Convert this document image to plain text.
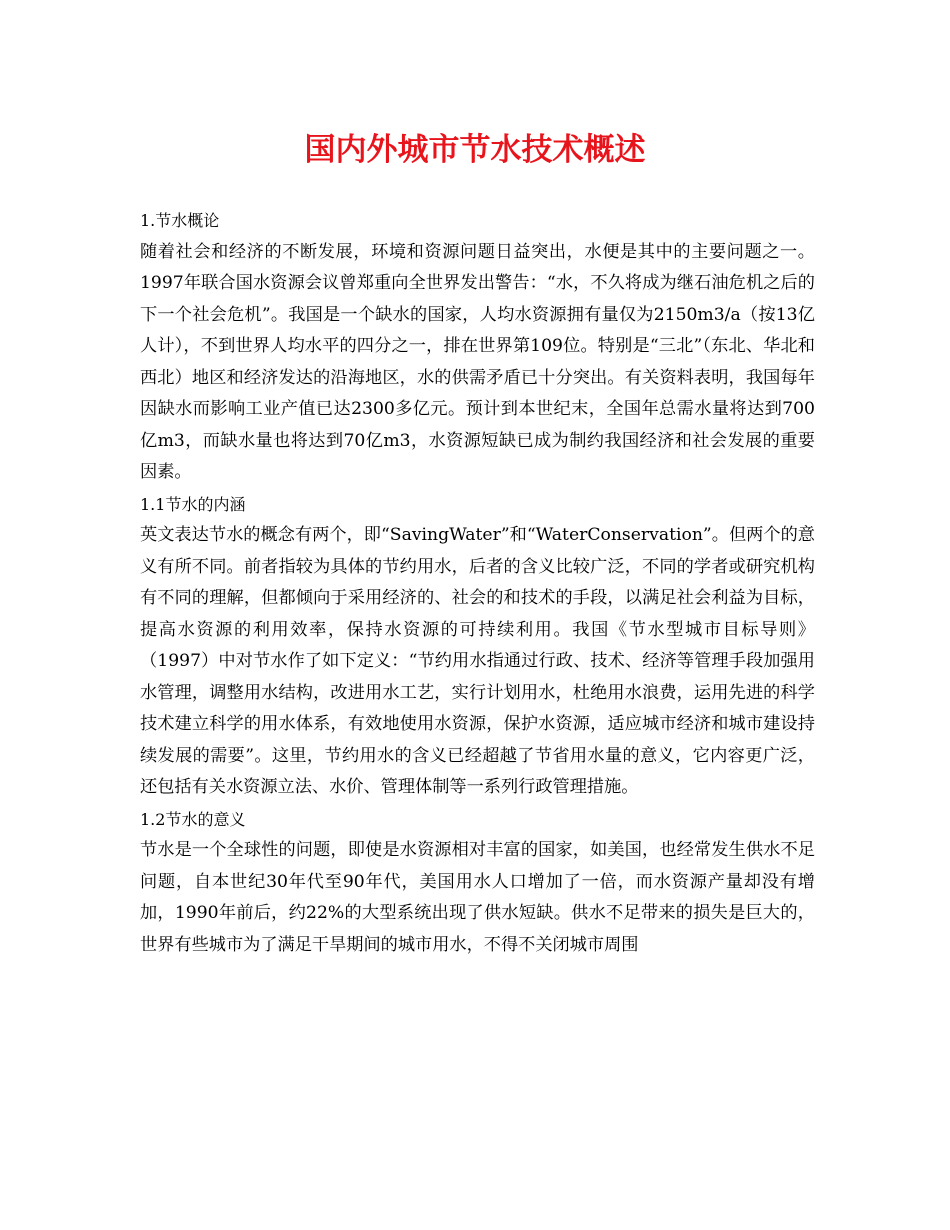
国内外城市节水技术概述

1.节水概论

随着社会和经济的不断发展，环境和资源问题日益突出，水便是其中的主要问题之一。1997年联合国水资源会议曾郑重向全世界发出警告：“水，不久将成为继石油危机之后的下一个社会危机”。我国是一个缺水的国家，人均水资源拥有量仅为2150m3/a（按13亿人计），不到世界人均水平的四分之一，排在世界第109位。特别是“三北”（东北、华北和西北）地区和经济发达的沿海地区，水的供需矛盾已十分突出。有关资料表明，我国每年因缺水而影响工业产值已达2300多亿元。预计到本世纪末，全国年总需水量将达到700亿m3，而缺水量也将达到70亿m3，水资源短缺已成为制约我国经济和社会发展的重要因素。

1.1节水的内涵

英文表达节水的概念有两个，即“SavingWater”和“WaterConservation”。但两个的意义有所不同。前者指较为具体的节约用水，后者的含义比较广泛，不同的学者或研究机构有不同的理解，但都倾向于采用经济的、社会的和技术的手段，以满足社会利益为目标，提高水资源的利用效率，保持水资源的可持续利用。我国《节水型城市目标导则》（1997）中对节水作了如下定义：“节约用水指通过行政、技术、经济等管理手段加强用水管理，调整用水结构，改进用水工艺，实行计划用水，杜绝用水浪费，运用先进的科学技术建立科学的用水体系，有效地使用水资源，保护水资源，适应城市经济和城市建设持续发展的需要”。这里，节约用水的含义已经超越了节省用水量的意义，它内容更广泛，还包括有关水资源立法、水价、管理体制等一系列行政管理措施。

1.2节水的意义

节水是一个全球性的问题，即使是水资源相对丰富的国家，如美国，也经常发生供水不足问题，自本世纪30年代至90年代，美国用水人口增加了一倍，而水资源产量却没有增加，1990年前后，约22%的大型系统出现了供水短缺。供水不足带来的损失是巨大的，世界有些城市为了满足干旱期间的城市用水，不得不关闭城市周围
